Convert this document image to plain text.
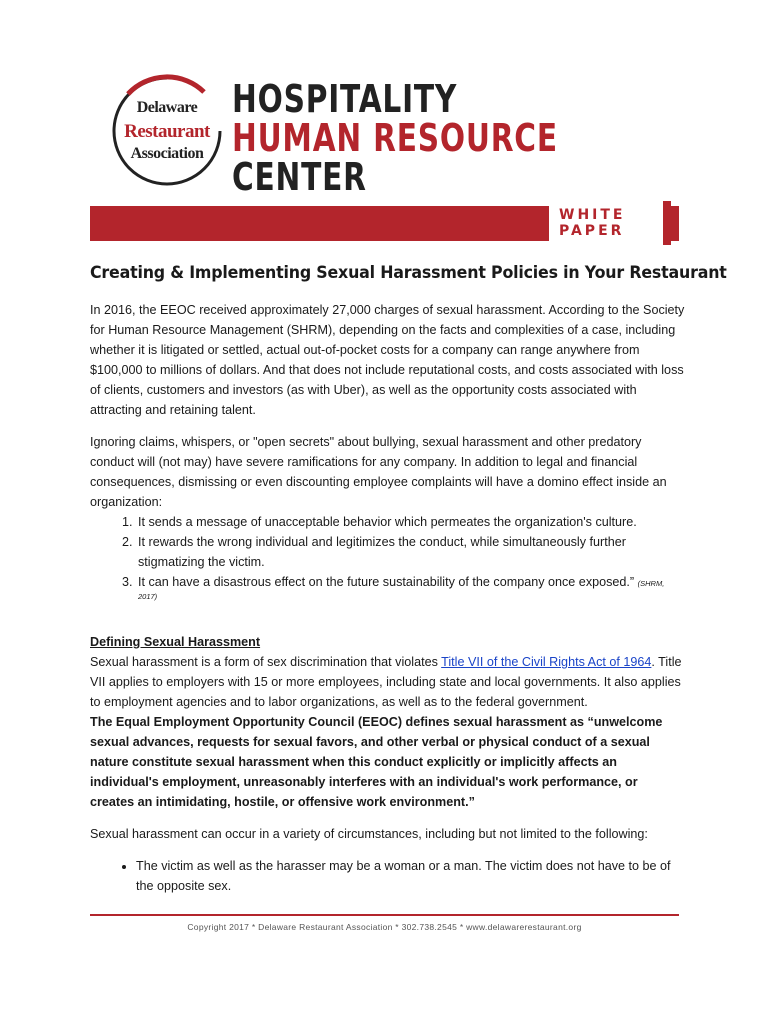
Delaware
Restaurant
Association
HOSPITALITY
HUMAN RESOURCE
CENTER
WHITE
PAPER
Creating & Implementing Sexual Harassment Policies in Your Restaurant

In 2016, the EEOC received approximately 27,000 charges of sexual harassment. According to the Society for Human Resource Management (SHRM), depending on the facts and complexities of a case, including whether it is litigated or settled, actual out-of-pocket costs for a company can range anywhere from $100,000 to millions of dollars. And that does not include reputational costs, and costs associated with loss of clients, customers and investors (as with Uber), as well as the opportunity costs associated with attracting and retaining talent.

Ignoring claims, whispers, or "open secrets" about bullying, sexual harassment and other predatory conduct will (not may) have severe ramifications for any company. In addition to legal and financial consequences, dismissing or even discounting employee complaints will have a domino effect inside an organization:

1. It sends a message of unacceptable behavior which permeates the organization's culture.
2. It rewards the wrong individual and legitimizes the conduct, while simultaneously further stigmatizing the victim.
3. It can have a disastrous effect on the future sustainability of the company once exposed.” (SHRM,
2017)
Defining Sexual Harassment
Sexual harassment is a form of sex discrimination that violates Title VII of the Civil Rights Act of 1964. Title VII applies to employers with 15 or more employees, including state and local governments. It also applies to employment agencies and to labor organizations, as well as to the federal government.
The Equal Employment Opportunity Council (EEOC) defines sexual harassment as “unwelcome sexual advances, requests for sexual favors, and other verbal or physical conduct of a sexual nature constitute sexual harassment when this conduct explicitly or implicitly affects an individual's employment, unreasonably interferes with an individual's work performance, or creates an intimidating, hostile, or offensive work environment.”
Sexual harassment can occur in a variety of circumstances, including but not limited to the following:
• The victim as well as the harasser may be a woman or a man. The victim does not have to be of the opposite sex.
Copyright 2017 * Delaware Restaurant Association * 302.738.2545 * www.delawarerestaurant.org
